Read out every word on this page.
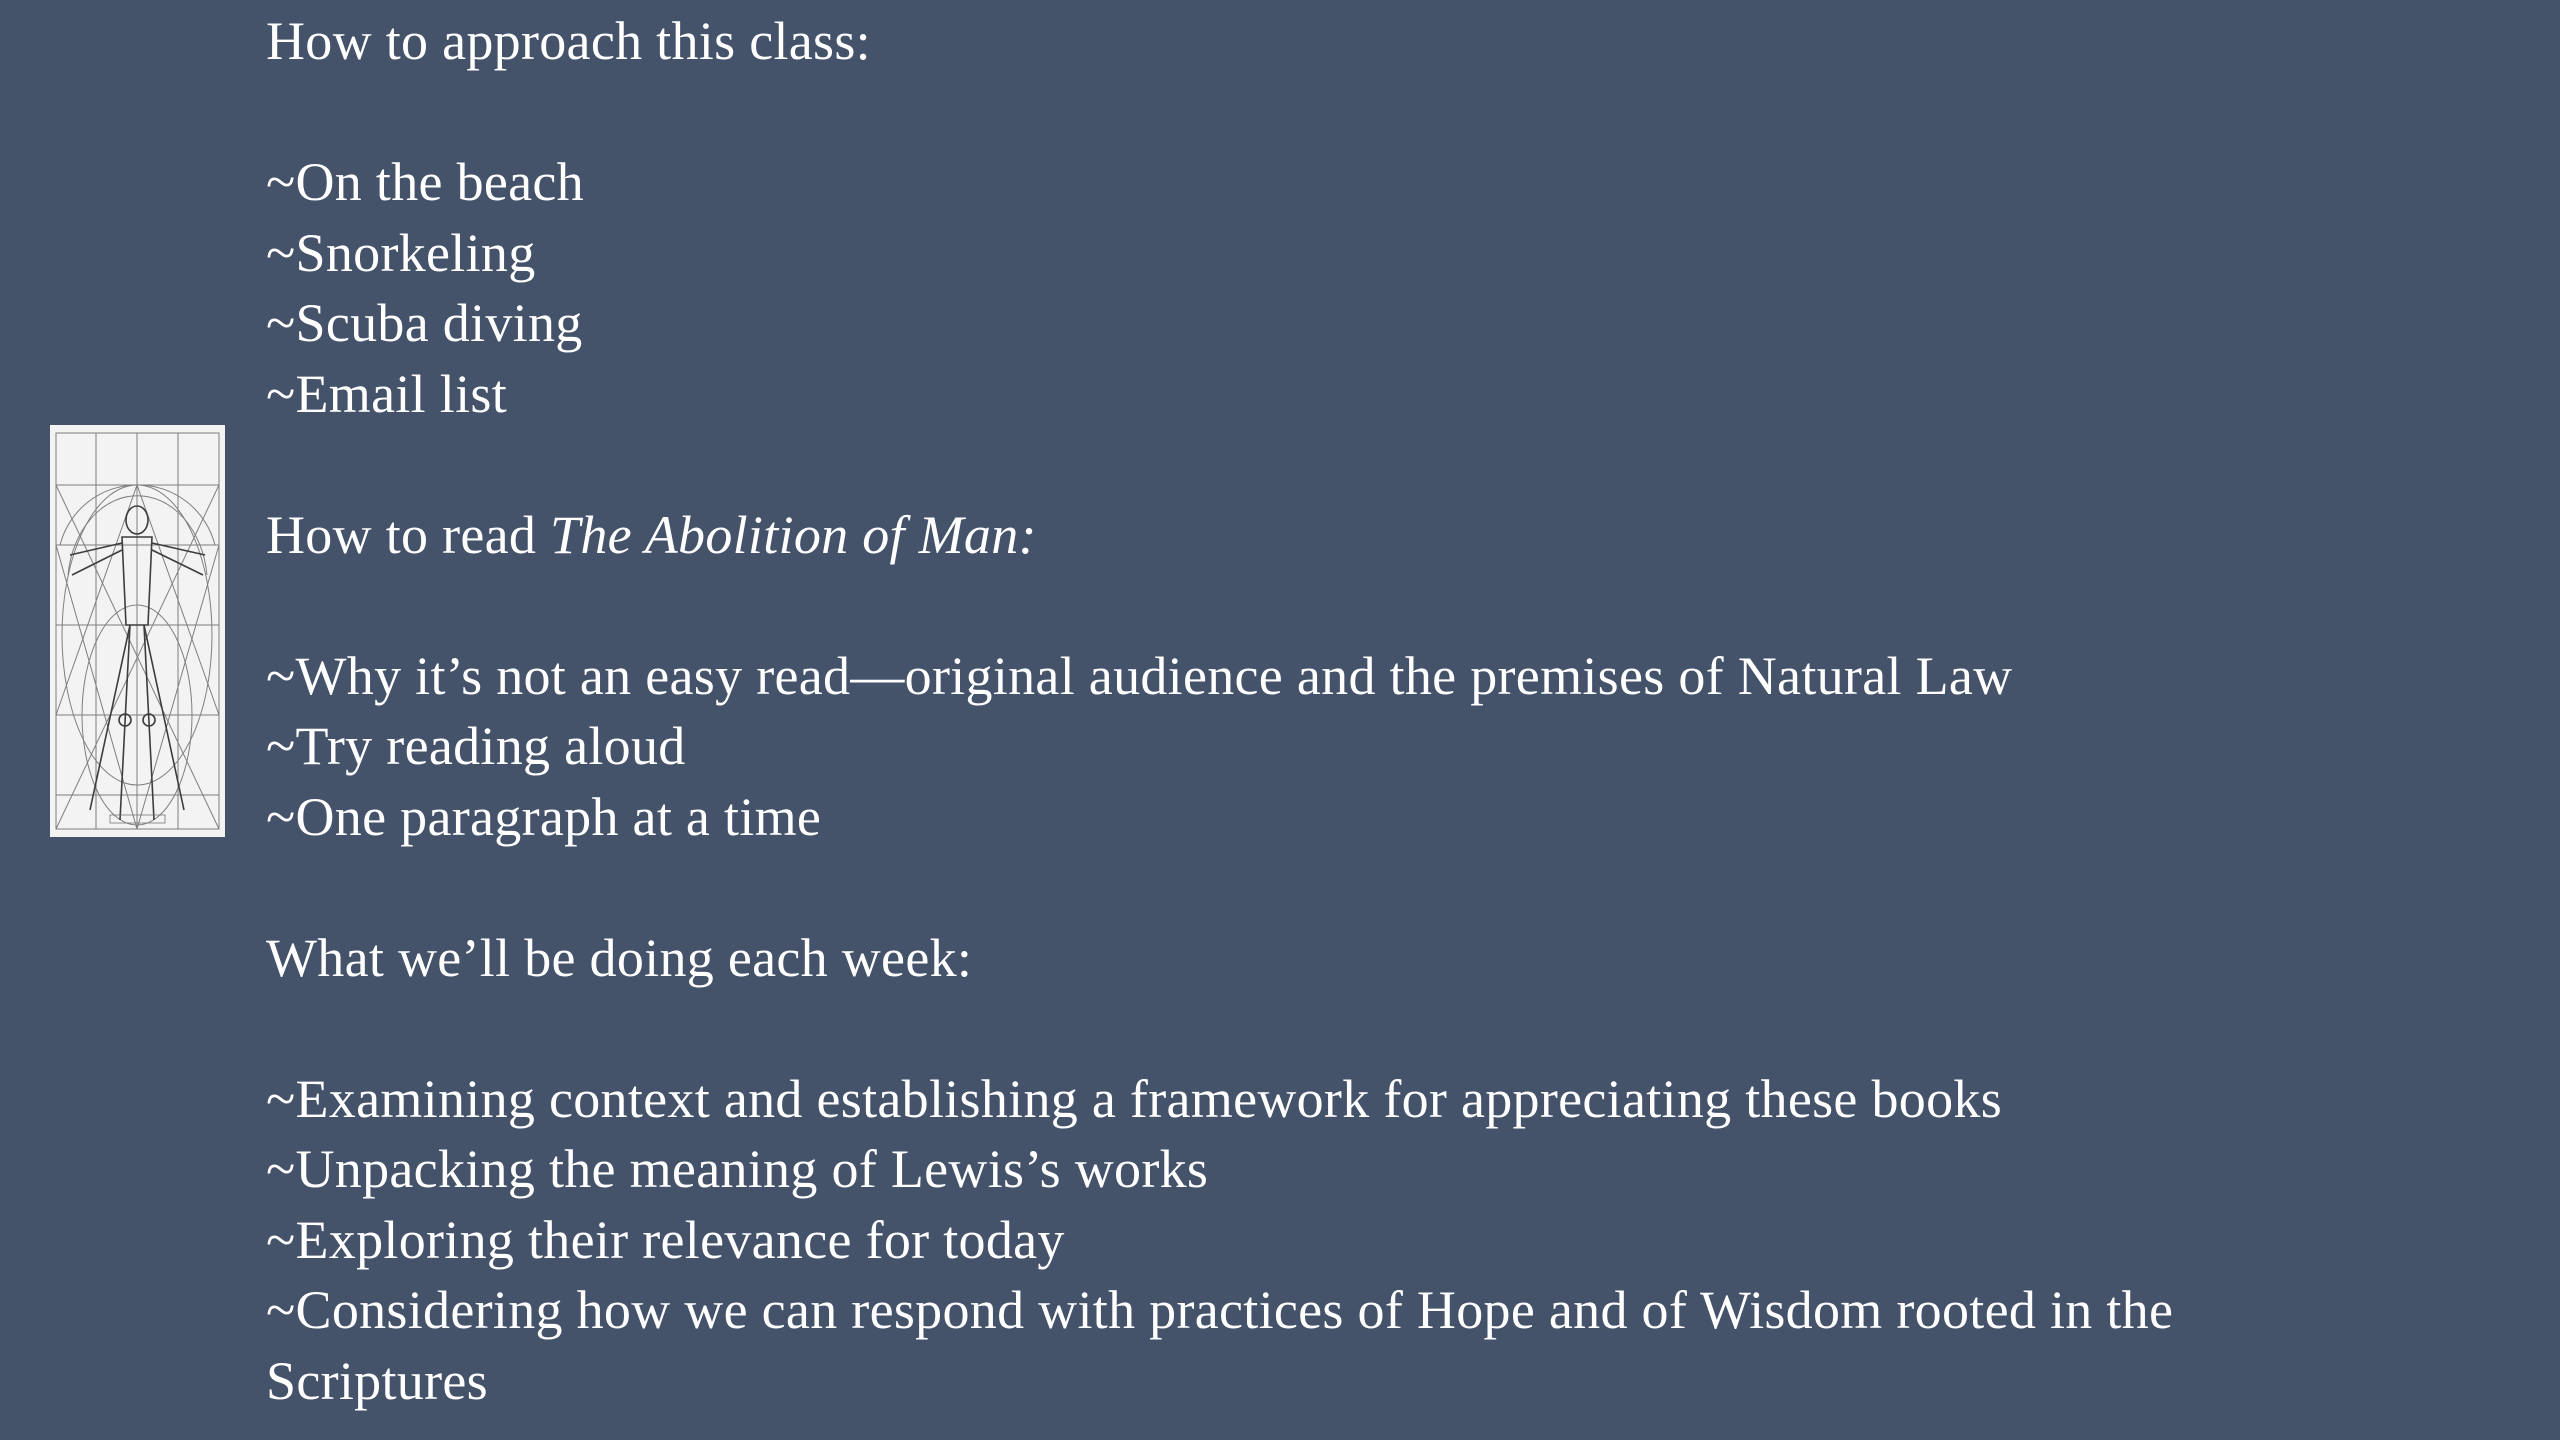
How to approach this class:
~On the beach
~Snorkeling
~Scuba diving
~Email list
How to read The Abolition of Man:
~Why it’s not an easy read—original audience and the premises of Natural Law
~Try reading aloud
~One paragraph at a time
What we’ll be doing each week:
~Examining context and establishing a framework for appreciating these books
~Unpacking the meaning of Lewis’s works
~Exploring their relevance for today
~Considering how we can respond with practices of Hope and of Wisdom rooted in the Scriptures
